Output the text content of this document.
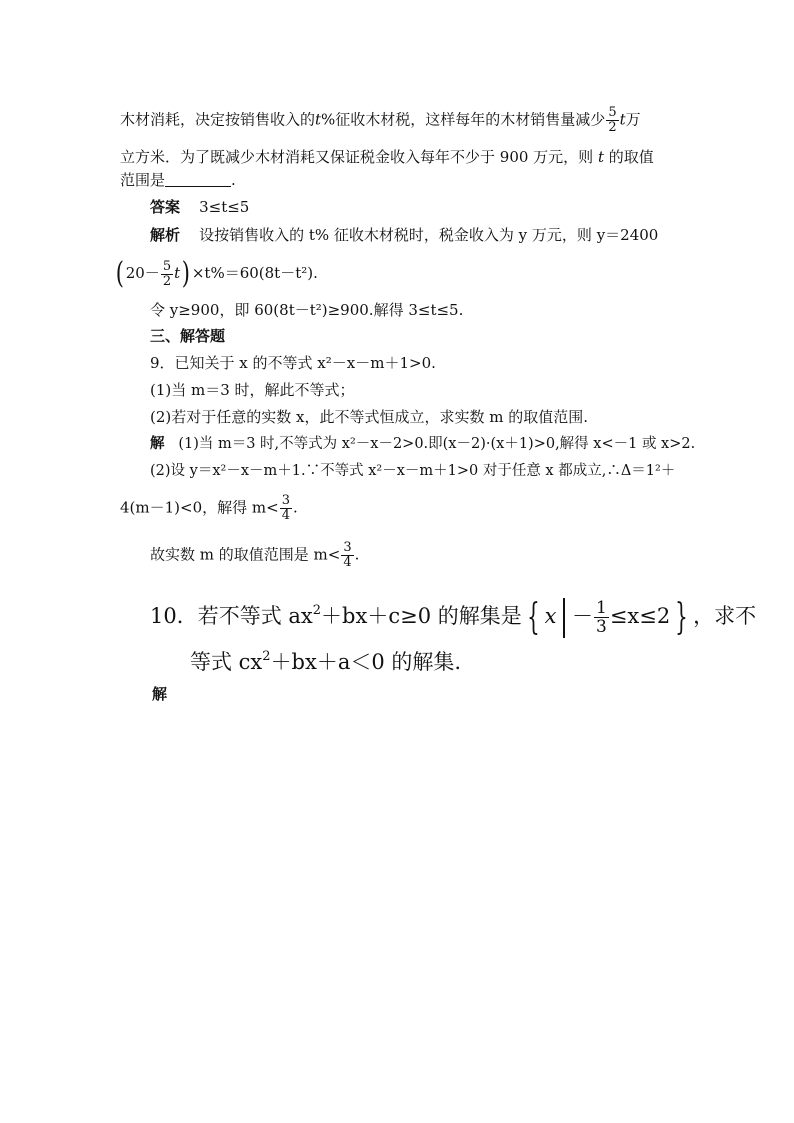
木材消耗，决定按销售收入的t%征收木材税，这样每年的木材销售量减少 $\frac{5}{2}$ t万
立方米．为了既减少木材消耗又保证税金收入每年不少于 900 万元，则 t 的取值
范围是	.
答案 3≤t≤5
解析 设按销售收入的 t% 征收木材税时，税金收入为 y 万元，则 y＝2400
( $20- \frac{5}{2} t) \times t\%=60(8t-t^2)$.
令 y≥900，即 60(8t－t²)≥900.解得 3≤t≤5.
三、解答题
9．已知关于 x 的不等式 x²－x－m＋1>0.
(1)当 m＝3 时，解此不等式；
(2)若对于任意的实数 x，此不等式恒成立，求实数 m 的取值范围.
解 (1)当 m＝3 时,不等式为 x²－x－2>0.即(x－2)·(x＋1)>0,解得 x<－1 或 x>2.
(2)设 y＝x²－x－m＋1.∵不等式 x²－x－m＋1>0 对于任意 x 都成立,∴Δ＝1²＋
4(m－1)<0，解得 $m< \frac{3}{4}$ .
故实数 m 的取值范围是 $m< \frac{3}{4}$ .
10．若不等式 $ax^2+bx+c\ge 0$ 的解集是 { $x - \frac{1}{3} \le x\le 2$ } ，求不
等式 $cx^2+bx+a<0$ 的解集.
解
